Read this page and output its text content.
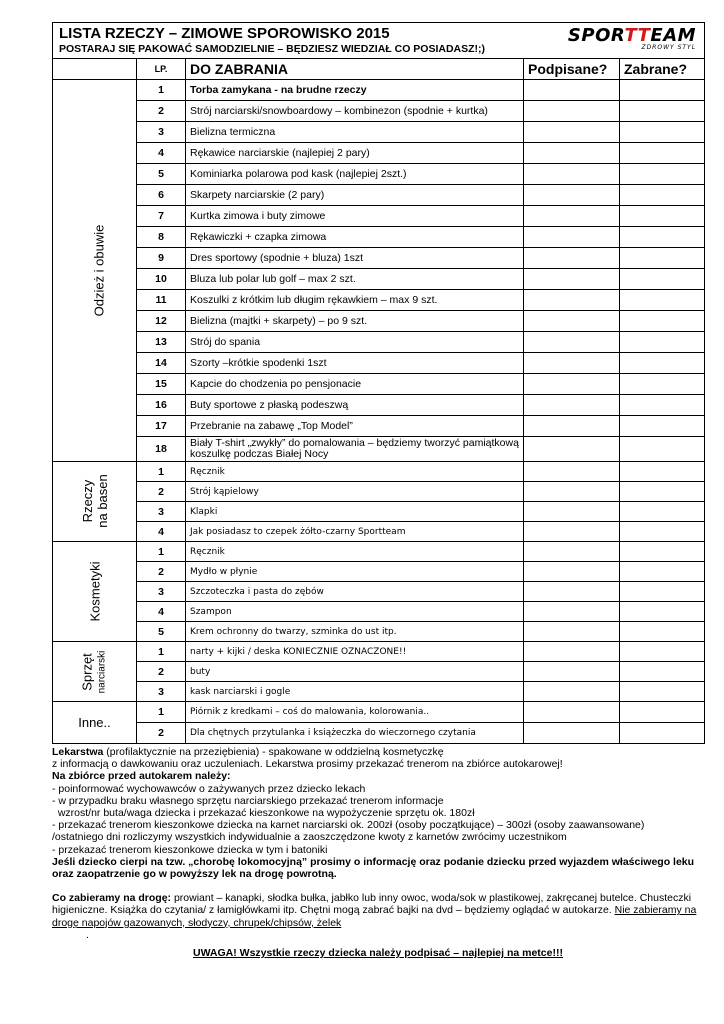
LISTA RZECZY – ZIMOWE SPOROWISKO 2015
POSTARAJ SIĘ PAKOWAĆ SAMODZIELNIE – BĘDZIESZ WIEDZIAŁ CO POSIADASZ!;)
SPORTTEAM
ZDROWY STYL				

	LP.	DO ZABRANIA	Podpisane?	Zabrane?
Odzież i obuwie	1	Torba zamykana - na brudne rzeczy		
	2	Strój narciarski/snowboardowy – kombinezon (spodnie + kurtka)		
	3	Bielizna termiczna		
	4	Rękawice narciarskie (najlepiej 2 pary)		
	5	Kominiarka polarowa pod kask (najlepiej 2szt.)		
	6	Skarpety narciarskie (2 pary)		
	7	Kurtka zimowa i buty zimowe		
	8	Rękawiczki + czapka zimowa		
	9	Dres sportowy (spodnie + bluza) 1szt		
	10	Bluza lub polar lub golf – max 2 szt.		
	11	Koszulki z krótkim lub długim rękawkiem – max 9 szt.		
	12	Bielizna (majtki + skarpety) – po 9 szt.		
	13	Strój do spania		
	14	Szorty –krótkie spodenki 1szt		
	15	Kapcie do chodzenia po pensjonacie		
	16	Buty sportowe z płaską podeszwą		
	17	Przebranie na zabawę „Top Model”		
	18	Biały T-shirt „zwykły” do pomalowania – będziemy tworzyć pamiątkową koszulkę podczas Białej Nocy		
Rzeczy na basen	1	Ręcznik		
	2	Strój kąpielowy		
	3	Klapki		
	4	Jak posiadasz to czepek żółto-czarny Sportteam		
Kosmetyki	1	Ręcznik		
	2	Mydło w płynie		
	3	Szczoteczka i pasta do zębów		
	4	Szampon		
	5	Krem ochronny do twarzy, szminka do ust itp.		
Sprzęt narciarski	1	narty + kijki / deska KONIECZNIE OZNACZONE!!		
	2	buty		
	3	kask narciarski i gogle		
Inne..	1	Piórnik z kredkami – coś do malowania, kolorowania..		
	2	Dla chętnych przytulanka i książeczka do wieczornego czytania		

Lekarstwa (profilaktycznie na przeziębienia) - spakowane w oddzielną kosmetyczkę

z informacją o dawkowaniu oraz uczuleniach. Lekarstwa prosimy przekazać trenerom na zbiórce autokarowej!

Na zbiórce przed autokarem należy:

- poinformować wychowawców o zażywanych przez dziecko lekach

- w przypadku braku własnego sprzętu narciarskiego przekazać trenerom informacje

wzrost/nr buta/waga dziecka i przekazać kieszonkowe na wypożyczenie sprzętu ok. 180zł

- przekazać trenerom kieszonkowe dziecka na karnet narciarski ok. 200zł (osoby początkujące) – 300zł (osoby zaawansowane)

/ostatniego dni rozliczymy wszystkich indywidualnie a zaoszczędzone kwoty z karnetów zwrócimy uczestnikom

- przekazać trenerom kieszonkowe dziecka w tym i batoniki

Jeśli dziecko cierpi na tzw. „chorobę lokomocyjną” prosimy o informację oraz podanie dziecku przed wyjazdem właściwego leku oraz zaopatrzenie go w powyższy lek na drogę powrotną.

Co zabieramy na drogę: prowiant – kanapki, słodka bułka, jabłko lub inny owoc, woda/sok w plastikowej, zakręcanej butelce. Chusteczki higieniczne. Książka do czytania/ z łamigłówkami itp. Chętni mogą zabrać bajki na dvd – będziemy oglądać w autokarze. Nie zabieramy na drogę napojów gazowanych, słodyczy, chrupek/chipsów, żelek

.

UWAGA! Wszystkie rzeczy dziecka należy podpisać – najlepiej na metce!!!
